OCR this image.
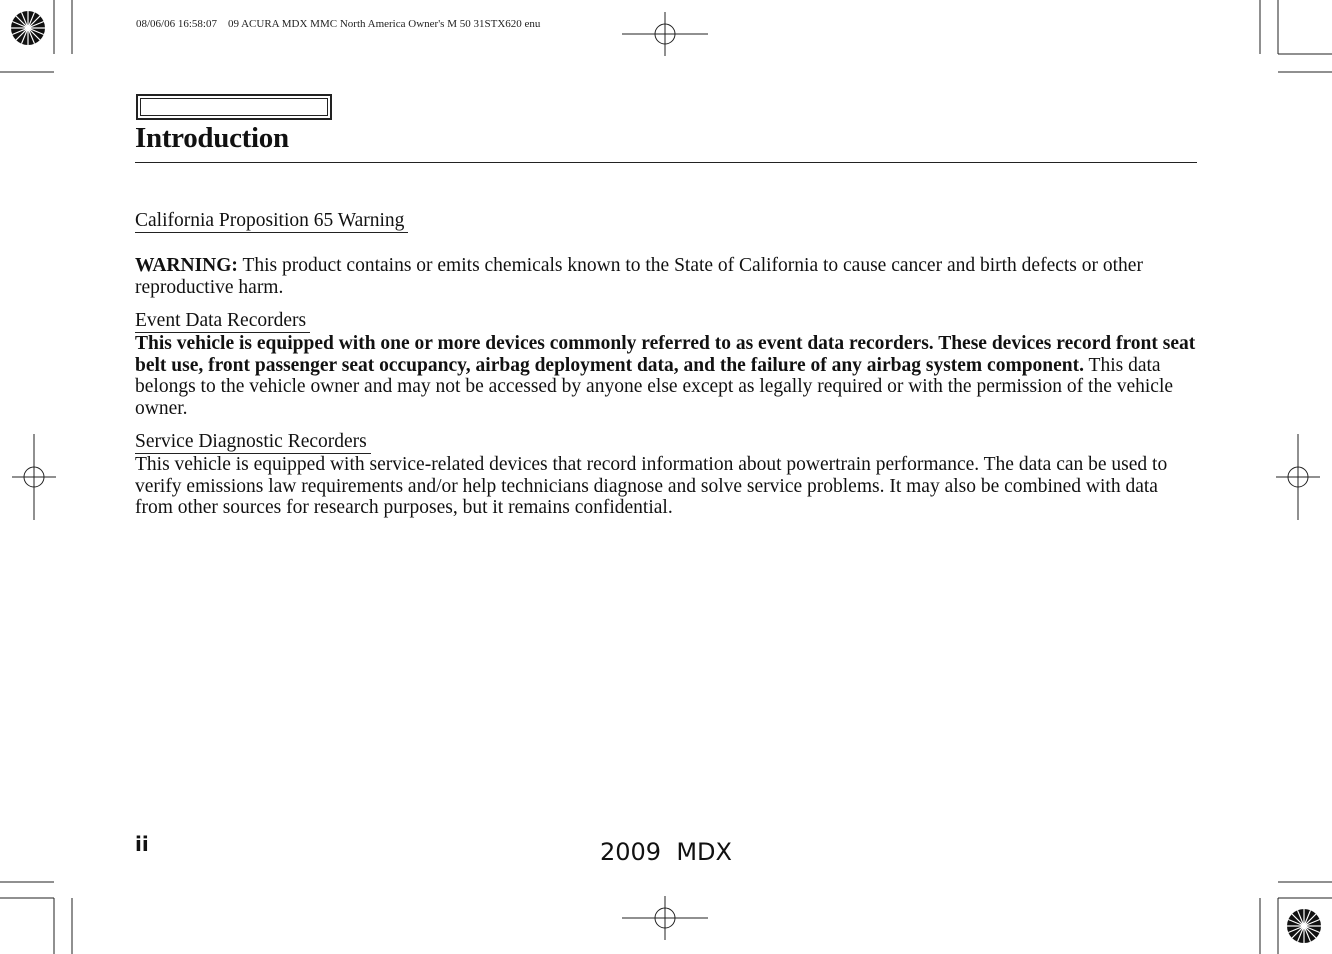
08/06/06 16:58:07    09 ACURA MDX MMC North America Owner's M 50 31STX620 enu
Introduction
California Proposition 65 Warning

WARNING: This product contains or emits chemicals known to the State of California to cause cancer and birth defects or other reproductive harm.

Event Data Recorders

This vehicle is equipped with one or more devices commonly referred to as event data recorders. These devices record front seat belt use, front passenger seat occupancy, airbag deployment data, and the failure of any airbag system component. This data belongs to the vehicle owner and may not be accessed by anyone else except as legally required or with the permission of the vehicle owner.

Service Diagnostic Recorders

This vehicle is equipped with service-related devices that record information about powertrain performance. The data can be used to verify emissions law requirements and/or help technicians diagnose and solve service problems. It may also be combined with data from other sources for research purposes, but it remains confidential.

ii	2009  MDX
